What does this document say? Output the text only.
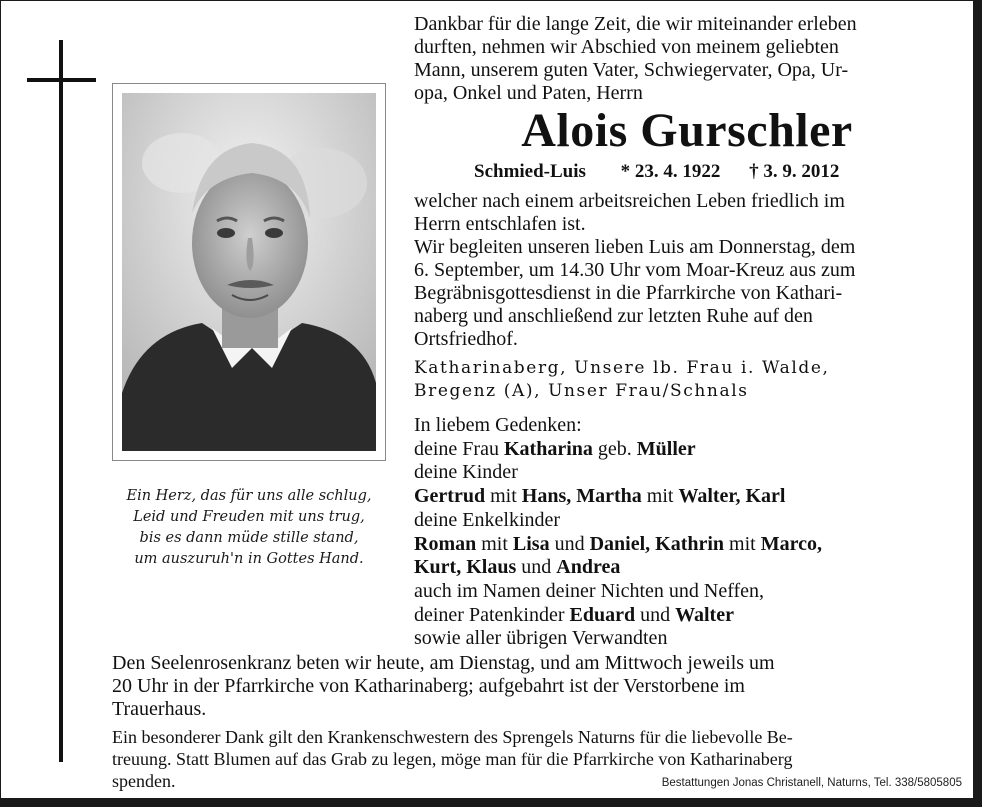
Ein Herz, das für uns alle schlug,
Leid und Freuden mit uns trug,
bis es dann müde stille stand,
um auszuruh'n in Gottes Hand.
Dankbar für die lange Zeit, die wir miteinander erleben
durften, nehmen wir Abschied von meinem geliebten
Mann, unserem guten Vater, Schwiegervater, Opa, Ur-
opa, Onkel und Paten, Herrn
Alois Gurschler
Schmied-Luis * 23. 4. 1922 † 3. 9. 2012
welcher nach einem arbeitsreichen Leben friedlich im
Herrn entschlafen ist.
Wir begleiten unseren lieben Luis am Donnerstag, dem
6. September, um 14.30 Uhr vom Moar-Kreuz aus zum
Begräbnisgottesdienst in die Pfarrkirche von Kathari-
naberg und anschließend zur letzten Ruhe auf den
Ortsfriedhof.
Katharinaberg, Unsere lb. Frau i. Walde,
Bregenz (A), Unser Frau/Schnals
In liebem Gedenken:
deine Frau Katharina geb. Müller
deine Kinder
Gertrud mit Hans, Martha mit Walter, Karl
deine Enkelkinder
Roman mit Lisa und Daniel, Kathrin mit Marco,
Kurt, Klaus und Andrea
auch im Namen deiner Nichten und Neffen,
deiner Patenkinder Eduard und Walter
sowie aller übrigen Verwandten
Den Seelenrosenkranz beten wir heute, am Dienstag, und am Mittwoch jeweils um
20 Uhr in der Pfarrkirche von Katharinaberg; aufgebahrt ist der Verstorbene im
Trauerhaus.
Ein besonderer Dank gilt den Krankenschwestern des Sprengels Naturns für die liebevolle Be-
treuung. Statt Blumen auf das Grab zu legen, möge man für die Pfarrkirche von Katharinaberg
spenden.	Bestattungen Jonas Christanell, Naturns, Tel. 338/5805805
